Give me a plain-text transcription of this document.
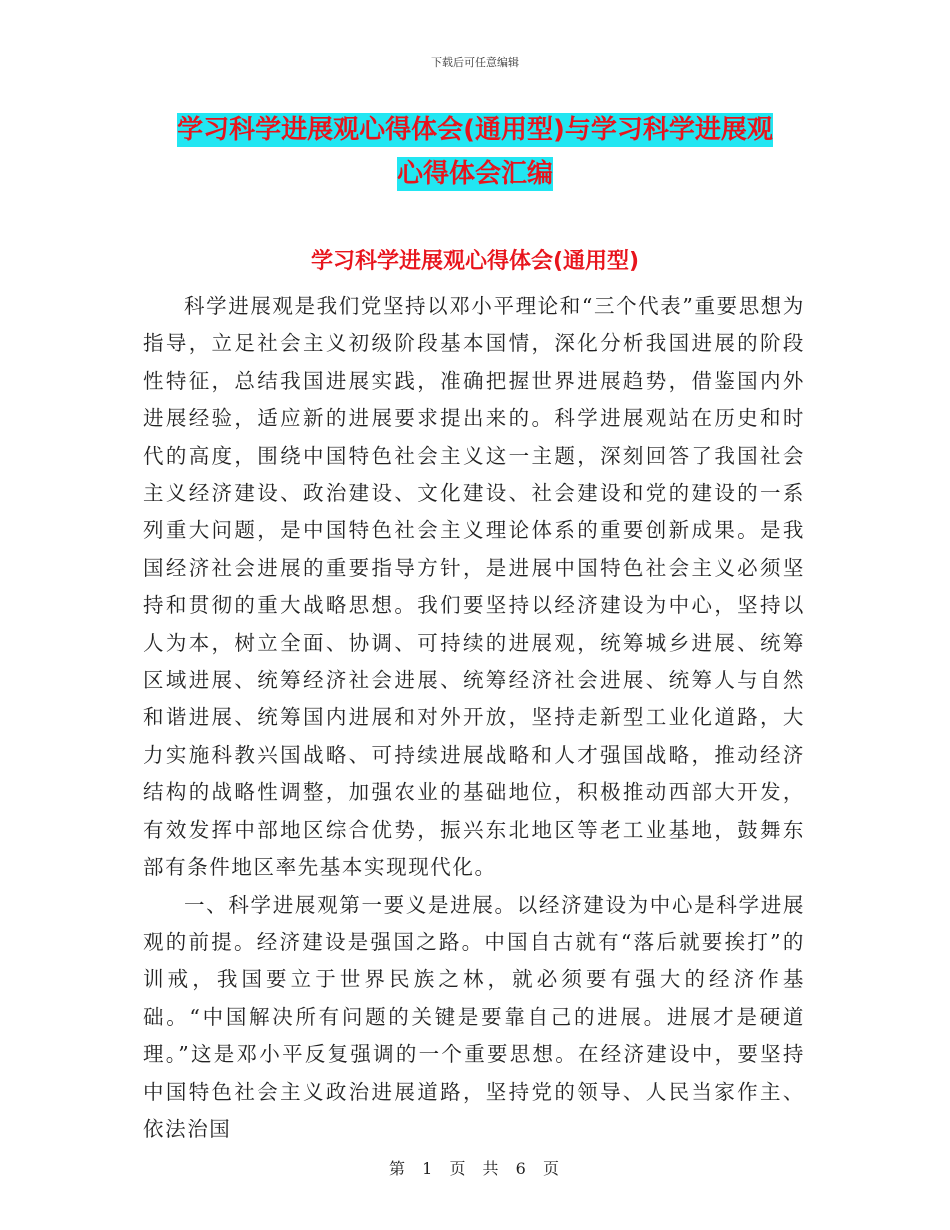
下载后可任意编辑
学习科学进展观心得体会(通用型)与学习科学进展观
心得体会汇编
学习科学进展观心得体会(通用型)

科学进展观是我们党坚持以邓小平理论和“三个代表”重要思想为指导，立足社会主义初级阶段基本国情，深化分析我国进展的阶段性特征，总结我国进展实践，准确把握世界进展趋势，借鉴国内外进展经验，适应新的进展要求提出来的。科学进展观站在历史和时代的高度，围绕中国特色社会主义这一主题，深刻回答了我国社会主义经济建设、政治建设、文化建设、社会建设和党的建设的一系列重大问题，是中国特色社会主义理论体系的重要创新成果。是我国经济社会进展的重要指导方针，是进展中国特色社会主义必须坚持和贯彻的重大战略思想。我们要坚持以经济建设为中心，坚持以人为本，树立全面、协调、可持续的进展观，统筹城乡进展、统筹区域进展、统筹经济社会进展、统筹经济社会进展、统筹人与自然和谐进展、统筹国内进展和对外开放，坚持走新型工业化道路，大力实施科教兴国战略、可持续进展战略和人才强国战略，推动经济结构的战略性调整，加强农业的基础地位，积极推动西部大开发，有效发挥中部地区综合优势，振兴东北地区等老工业基地，鼓舞东部有条件地区率先基本实现现代化。

一、科学进展观第一要义是进展。以经济建设为中心是科学进展观的前提。经济建设是强国之路。中国自古就有“落后就要挨打”的训戒，我国要立于世界民族之林，就必须要有强大的经济作基础。“中国解决所有问题的关键是要靠自己的进展。进展才是硬道理。”这是邓小平反复强调的一个重要思想。在经济建设中，要坚持中国特色社会主义政治进展道路，坚持党的领导、人民当家作主、依法治国

第 1 页 共 6 页
